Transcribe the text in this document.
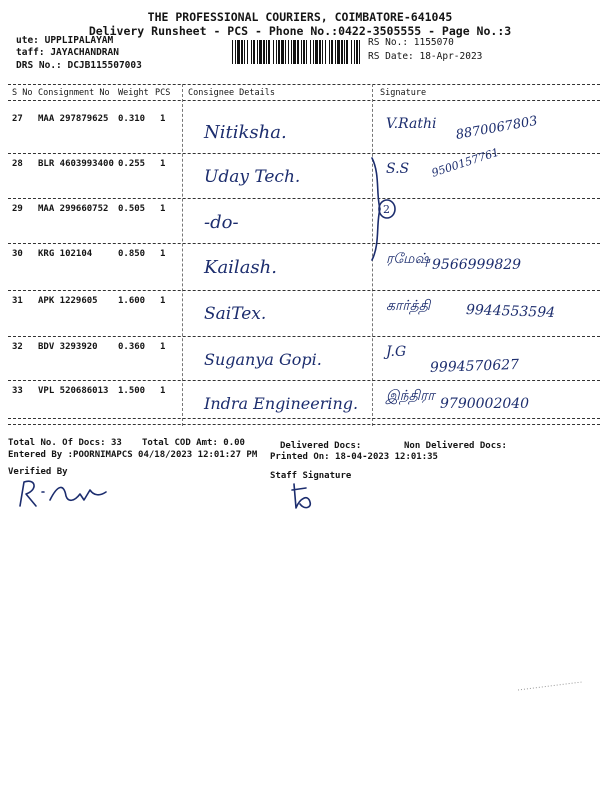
THE PROFESSIONAL COURIERS, COIMBATORE-641045
Delivery Runsheet - PCS - Phone No.:0422-3505555 - Page No.:3
ute: UPPLIPALAYAM
taff: JAYACHANDRAN
DRS No.: DCJB115507003
RS No.: 1155070
RS Date: 18-Apr-2023
S No Consignment No Weight PCS Consignee Details	Signature
27 MAA 297879625 0.310 1
Nitiksha.	V.Rathi 8870067803
28 BLR 4603993400 0.255 1
Uday Tech.	S.S 9500157761
29 MAA 299660752 0.505 1
-do-
30 KRG 102104	0.850 1
Kailash.	ரமேஷ் 9566999829
31 APK 1229605 1.600 1
SaiTex.	கார்த்தி	9944553594
32 BDV 3293920 0.360 1
Suganya Gopi.	J.G
9994570627
33 VPL 520686013 1.500 1
Indra Engineering. இந்திரா 9790002040
2
Total No. Of Docs: 33 Total COD Amt: 0.00	Delivered Docs:	Non Delivered Docs:
Entered By :POORNIMAPCS 04/18/2023 12:01:27 PM Printed On: 18-04-2023 12:01:35
Verified By	Staff Signature
